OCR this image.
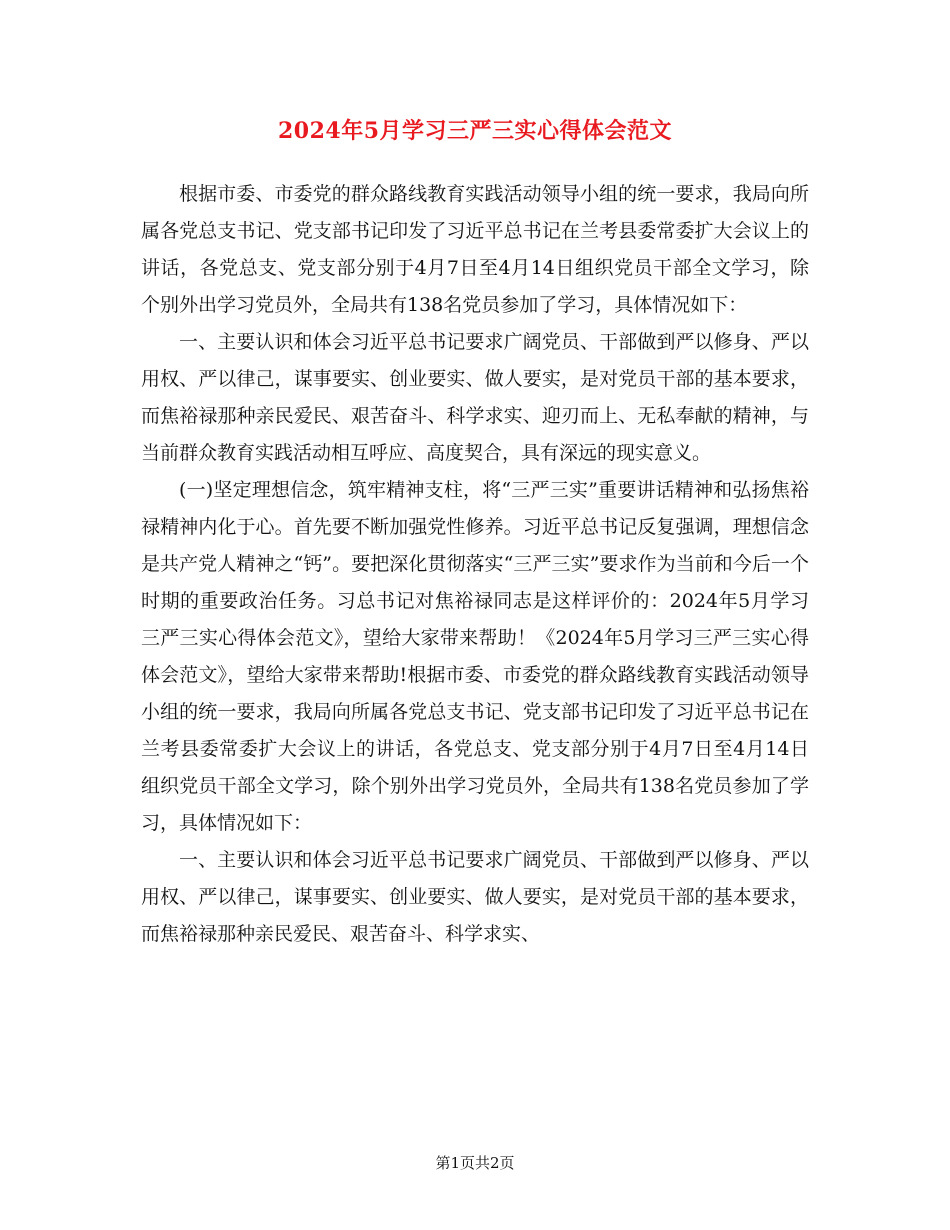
2024年5月学习三严三实心得体会范文

根据市委、市委党的群众路线教育实践活动领导小组的统一要求，我局向所属各党总支书记、党支部书记印发了习近平总书记在兰考县委常委扩大会议上的讲话，各党总支、党支部分别于4月7日至4月14日组织党员干部全文学习，除个别外出学习党员外，全局共有138名党员参加了学习，具体情况如下：

一、主要认识和体会习近平总书记要求广阔党员、干部做到严以修身、严以用权、严以律己，谋事要实、创业要实、做人要实，是对党员干部的基本要求，而焦裕禄那种亲民爱民、艰苦奋斗、科学求实、迎刃而上、无私奉献的精神，与当前群众教育实践活动相互呼应、高度契合，具有深远的现实意义。

(一)坚定理想信念，筑牢精神支柱，将“三严三实”重要讲话精神和弘扬焦裕禄精神内化于心。首先要不断加强党性修养。习近平总书记反复强调，理想信念是共产党人精神之“钙”。要把深化贯彻落实“三严三实”要求作为当前和今后一个时期的重要政治任务。习总书记对焦裕禄同志是这样评价的：2024年5月学习三严三实心得体会范文》，望给大家带来帮助！《2024年5月学习三严三实心得体会范文》，望给大家带来帮助!根据市委、市委党的群众路线教育实践活动领导小组的统一要求，我局向所属各党总支书记、党支部书记印发了习近平总书记在兰考县委常委扩大会议上的讲话，各党总支、党支部分别于4月7日至4月14日组织党员干部全文学习，除个别外出学习党员外，全局共有138名党员参加了学习，具体情况如下：

一、主要认识和体会习近平总书记要求广阔党员、干部做到严以修身、严以用权、严以律己，谋事要实、创业要实、做人要实，是对党员干部的基本要求，而焦裕禄那种亲民爱民、艰苦奋斗、科学求实、

第1页共2页
